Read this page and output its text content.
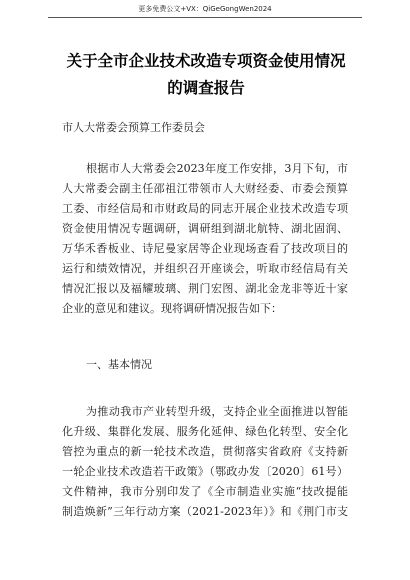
更多免费公文+VX：QiGeGongWen2024
关于全市企业技术改造专项资金使用情况的调查报告
市人大常委会预算工作委员会
根据市人大常委会2023年度工作安排，3月下旬，市
人大常委会副主任邵祖江带领市人大财经委、市委会预算
工委、市经信局和市财政局的同志开展企业技术改造专项
资金使用情况专题调研，调研组到湖北航特、湖北固润、
万华禾香板业、诗尼曼家居等企业现场查看了技改项目的
运行和绩效情况，并组织召开座谈会，听取市经信局有关
情况汇报以及福耀玻璃、荆门宏图、湖北金龙非等近十家
企业的意见和建议。现将调研情况报告如下：
一、基本情况
为推动我市产业转型升级，支持企业全面推进以智能
化升级、集群化发展、服务化延伸、绿色化转型、安全化
管控为重点的新一轮技术改造，贯彻落实省政府《支持新
一轮企业技术改造若干政策》（鄂政办发〔2020〕61号）
文件精神，我市分别印发了《全市制造业实施“技改提能
制造焕新”三年行动方案（2021-2023年）》和《荆门市支
